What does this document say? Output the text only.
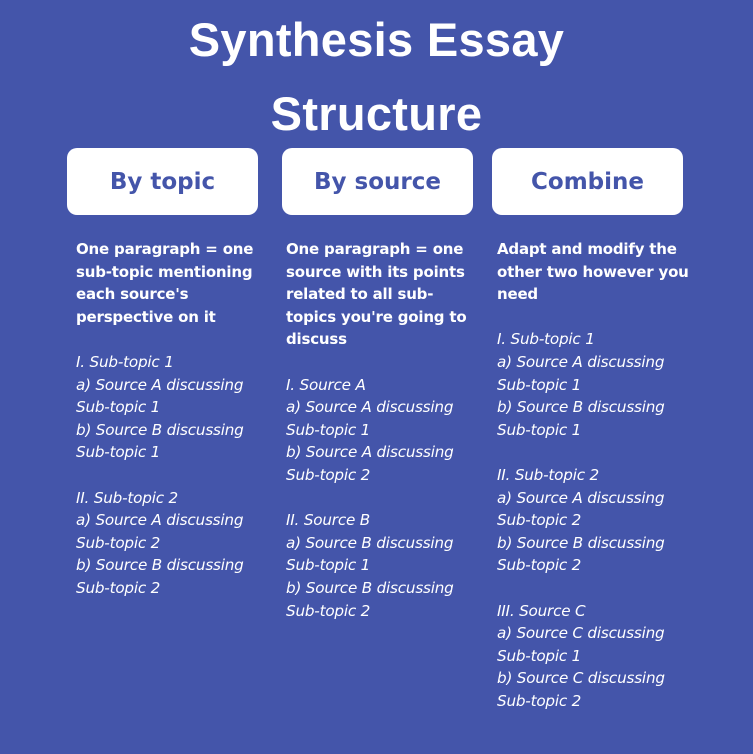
Synthesis Essay
Structure
By topic	By source	Combine
One paragraph = one
sub-topic mentioning
each source's
perspective on it
I. Sub-topic 1
a) Source A discussing
Sub-topic 1
b) Source B discussing
Sub-topic 1

II. Sub-topic 2
a) Source A discussing
Sub-topic 2
b) Source B discussing
Sub-topic 2
One paragraph = one
source with its points
related to all sub-
topics you're going to
discuss
I. Source A
a) Source A discussing
Sub-topic 1
b) Source A discussing
Sub-topic 2

II. Source B
a) Source B discussing
Sub-topic 1
b) Source B discussing
Sub-topic 2
Adapt and modify the
other two however you
need
I. Sub-topic 1
a) Source A discussing
Sub-topic 1
b) Source B discussing
Sub-topic 1

II. Sub-topic 2
a) Source A discussing
Sub-topic 2
b) Source B discussing
Sub-topic 2

III. Source C
a) Source C discussing
Sub-topic 1
b) Source C discussing
Sub-topic 2
